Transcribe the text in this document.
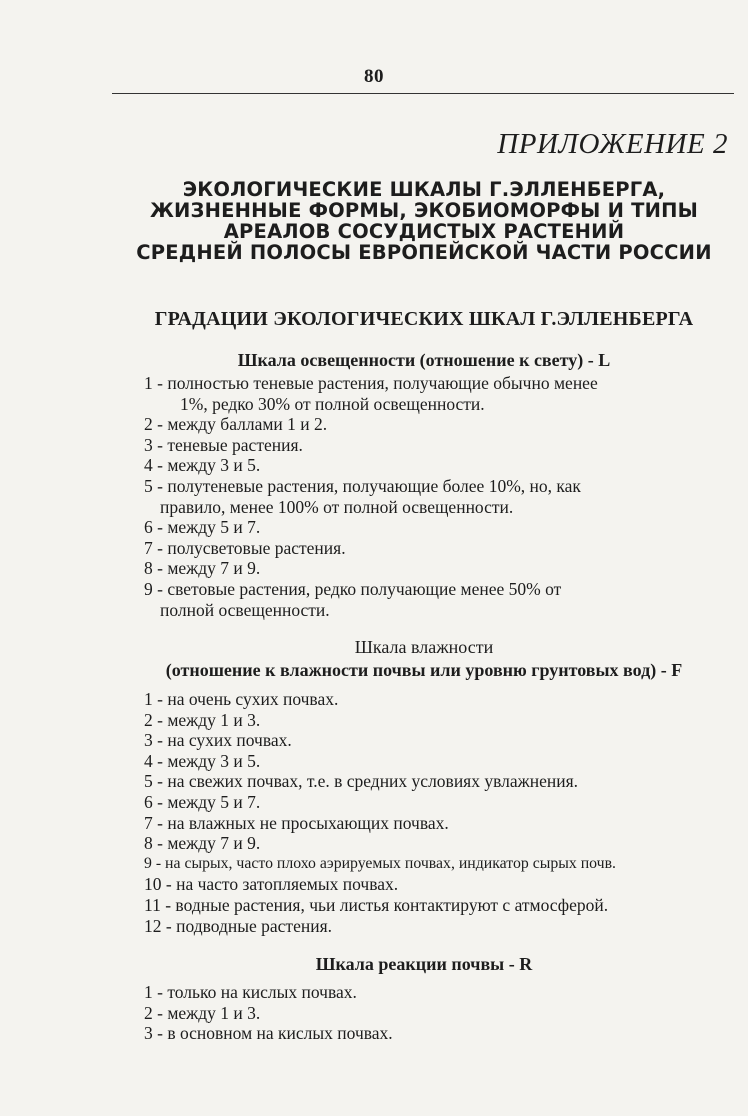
80
ПРИЛОЖЕНИЕ 2
ЭКОЛОГИЧЕСКИЕ ШКАЛЫ Г.ЭЛЛЕНБЕРГА,
ЖИЗНЕННЫЕ ФОРМЫ, ЭКОБИОМОРФЫ И ТИПЫ
АРЕАЛОВ СОСУДИСТЫХ РАСТЕНИЙ
СРЕДНЕЙ ПОЛОСЫ ЕВРОПЕЙСКОЙ ЧАСТИ РОССИИ
ГРАДАЦИИ ЭКОЛОГИЧЕСКИХ ШКАЛ Г.ЭЛЛЕНБЕРГА
Шкала освещенности (отношение к свету) - L
1 - полностью теневые растения, получающие обычно менее
1%, редко 30% от полной освещенности.
2 - между баллами 1 и 2.
3 - теневые растения.
4 - между 3 и 5.
5 - полутеневые растения, получающие более 10%, но, как
правило, менее 100% от полной освещенности.
6 - между 5 и 7.
7 - полусветовые растения.
8 - между 7 и 9.
9 - световые растения, редко получающие менее 50% от
полной освещенности.
Шкала влажности
(отношение к влажности почвы или уровню грунтовых вод) - F
1 - на очень сухих почвах.
2 - между 1 и 3.
3 - на сухих почвах.
4 - между 3 и 5.
5 - на свежих почвах, т.е. в средних условиях увлажнения.
6 - между 5 и 7.
7 - на влажных не просыхающих почвах.
8 - между 7 и 9.
9 - на сырых, часто плохо аэрируемых почвах, индикатор сырых почв.
10 - на часто затопляемых почвах.
11 - водные растения, чьи листья контактируют с атмосферой.
12 - подводные растения.
Шкала реакции почвы - R
1 - только на кислых почвах.
2 - между 1 и 3.
3 - в основном на кислых почвах.
